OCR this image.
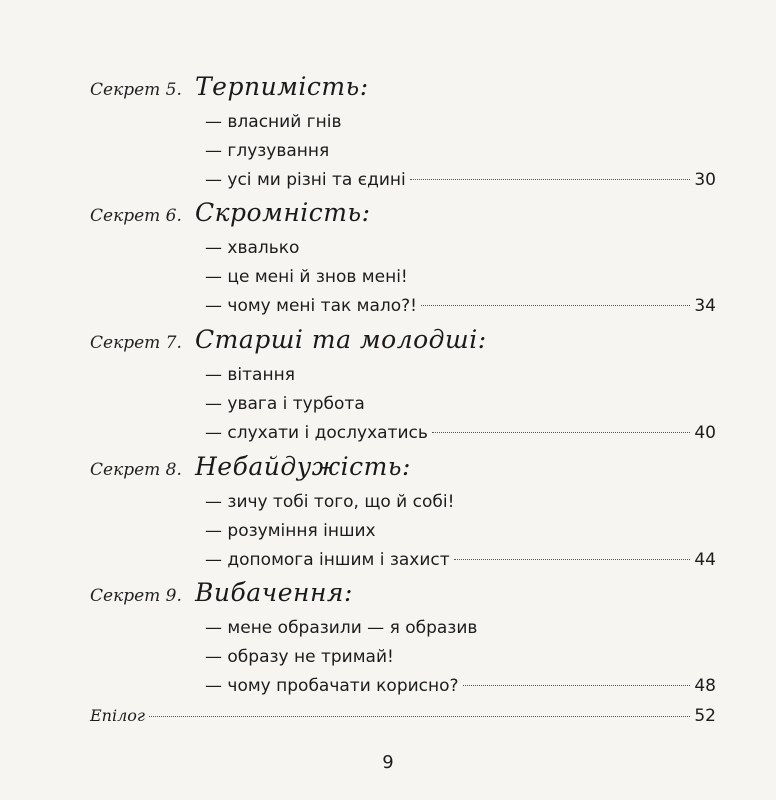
Секрет 5. Терпимість:
— власний гнів
— глузування
— усі ми різні та єдині	30
Секрет 6. Скромність:
— хвалько
— це мені й знов мені!
— чому мені так мало?!	34
Секрет 7. Старші та молодші:
— вітання
— увага і турбота
— слухати і дослухатись	40
Секрет 8. Небайдужість:
— зичу тобі того, що й собі!
— розуміння інших
— допомога іншим і захист	44
Секрет 9. Вибачення:
— мене образили — я образив
— образу не тримай!
— чому пробачати корисно?	48
Епілог	52
9
